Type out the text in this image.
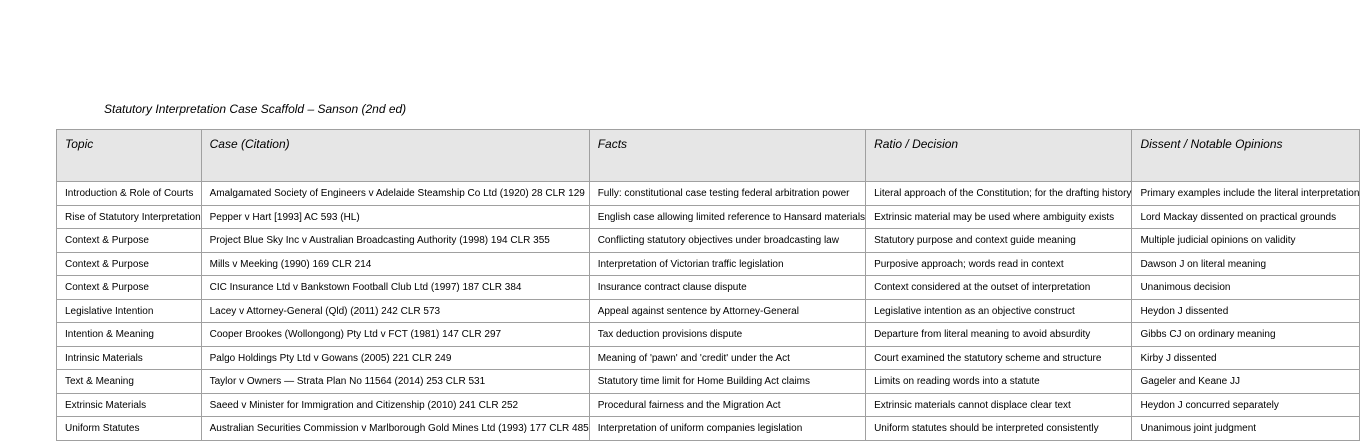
Statutory Interpretation Case Scaffold – Sanson (2nd ed)
Topic	Case (Citation)	Facts	Ratio / Decision	Dissent / Notable Opinions

Introduction & Role of Courts	Amalgamated Society of Engineers v Adelaide Steamship Co Ltd (1920) 28 CLR 129	Fully: constitutional case testing federal arbitration power	Literal approach of the Constitution; for the drafting history	Primary examples include the literal interpretation
Rise of Statutory Interpretation	Pepper v Hart [1993] AC 593 (HL)	English case allowing limited reference to Hansard materials	Extrinsic material may be used where ambiguity exists	Lord Mackay dissented on practical grounds
Context & Purpose	Project Blue Sky Inc v Australian Broadcasting Authority (1998) 194 CLR 355	Conflicting statutory objectives under broadcasting law	Statutory purpose and context guide meaning	Multiple judicial opinions on validity
Context & Purpose	Mills v Meeking (1990) 169 CLR 214	Interpretation of Victorian traffic legislation	Purposive approach; words read in context	Dawson J on literal meaning
Context & Purpose	CIC Insurance Ltd v Bankstown Football Club Ltd (1997) 187 CLR 384	Insurance contract clause dispute	Context considered at the outset of interpretation	Unanimous decision
Legislative Intention	Lacey v Attorney-General (Qld) (2011) 242 CLR 573	Appeal against sentence by Attorney-General	Legislative intention as an objective construct	Heydon J dissented
Intention & Meaning	Cooper Brookes (Wollongong) Pty Ltd v FCT (1981) 147 CLR 297	Tax deduction provisions dispute	Departure from literal meaning to avoid absurdity	Gibbs CJ on ordinary meaning
Intrinsic Materials	Palgo Holdings Pty Ltd v Gowans (2005) 221 CLR 249	Meaning of 'pawn' and 'credit' under the Act	Court examined the statutory scheme and structure	Kirby J dissented
Text & Meaning	Taylor v Owners — Strata Plan No 11564 (2014) 253 CLR 531	Statutory time limit for Home Building Act claims	Limits on reading words into a statute	Gageler and Keane JJ
Extrinsic Materials	Saeed v Minister for Immigration and Citizenship (2010) 241 CLR 252	Procedural fairness and the Migration Act	Extrinsic materials cannot displace clear text	Heydon J concurred separately
Uniform Statutes	Australian Securities Commission v Marlborough Gold Mines Ltd (1993) 177 CLR 485	Interpretation of uniform companies legislation	Uniform statutes should be interpreted consistently	Unanimous joint judgment
